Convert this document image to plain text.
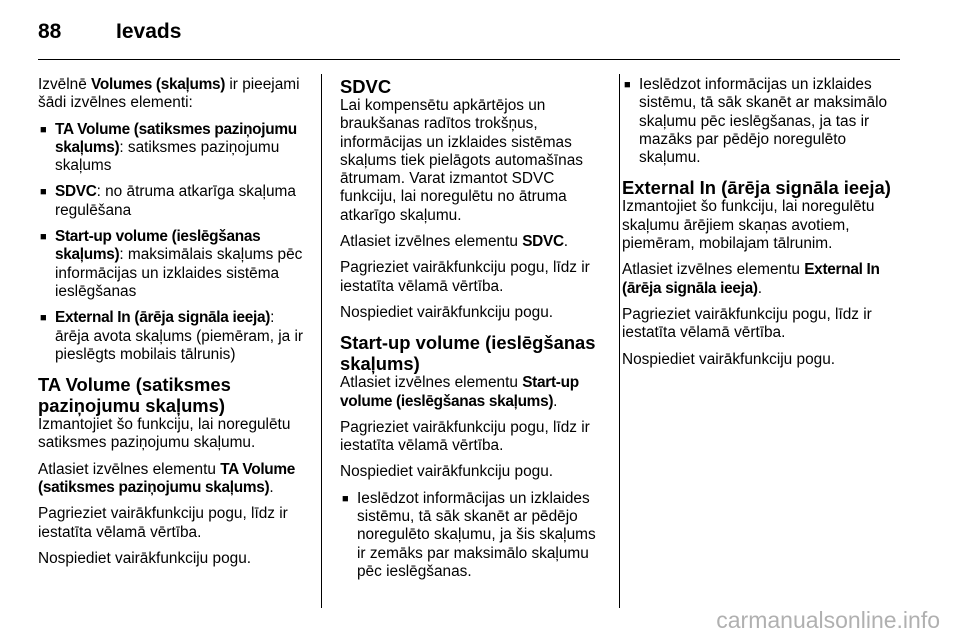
88	Ievads

Izvēlnē Volumes (skaļums) ir pieejami šādi izvēlnes elementi:

■ TA Volume (satiksmes paziņojumu skaļums): satiksmes paziņojumu skaļums
■ SDVC: no ātruma atkarīga skaļuma regulēšana
■ Start-up volume (ieslēgšanas skaļums): maksimālais skaļums pēc informācijas un izklaides sistēma ieslēgšanas
■ External In (ārēja signāla ieeja): ārēja avota skaļums (piemēram, ja ir pieslēgts mobilais tālrunis)
TA Volume (satiksmes paziņojumu skaļums)

Izmantojiet šo funkciju, lai noregulētu satiksmes paziņojumu skaļumu.

Atlasiet izvēlnes elementu TA Volume (satiksmes paziņojumu skaļums).

Pagrieziet vairākfunkciju pogu, līdz ir iestatīta vēlamā vērtība.

Nospiediet vairākfunkciju pogu.

SDVC

Lai kompensētu apkārtējos un braukšanas radītos trokšņus, informācijas un izklaides sistēmas skaļums tiek pielāgots automašīnas ātrumam. Varat izmantot SDVC funkciju, lai noregulētu no ātruma atkarīgo skaļumu.

Atlasiet izvēlnes elementu SDVC.

Pagrieziet vairākfunkciju pogu, līdz ir iestatīta vēlamā vērtība.

Nospiediet vairākfunkciju pogu.

Start-up volume (ieslēgšanas skaļums)

Atlasiet izvēlnes elementu Start-up volume (ieslēgšanas skaļums).

Pagrieziet vairākfunkciju pogu, līdz ir iestatīta vēlamā vērtība.

Nospiediet vairākfunkciju pogu.

■ Ieslēdzot informācijas un izklaides sistēmu, tā sāk skanēt ar pēdējo noregulēto skaļumu, ja šis skaļums ir zemāks par maksimālo skaļumu pēc ieslēgšanas.
■ Ieslēdzot informācijas un izklaides sistēmu, tā sāk skanēt ar maksimālo skaļumu pēc ieslēgšanas, ja tas ir mazāks par pēdējo noregulēto skaļumu.
External In (ārēja signāla ieeja)

Izmantojiet šo funkciju, lai noregulētu skaļumu ārējiem skaņas avotiem, piemēram, mobilajam tālrunim.

Atlasiet izvēlnes elementu External In (ārēja signāla ieeja).

Pagrieziet vairākfunkciju pogu, līdz ir iestatīta vēlamā vērtība.

Nospiediet vairākfunkciju pogu.

carmanualsonline.info
